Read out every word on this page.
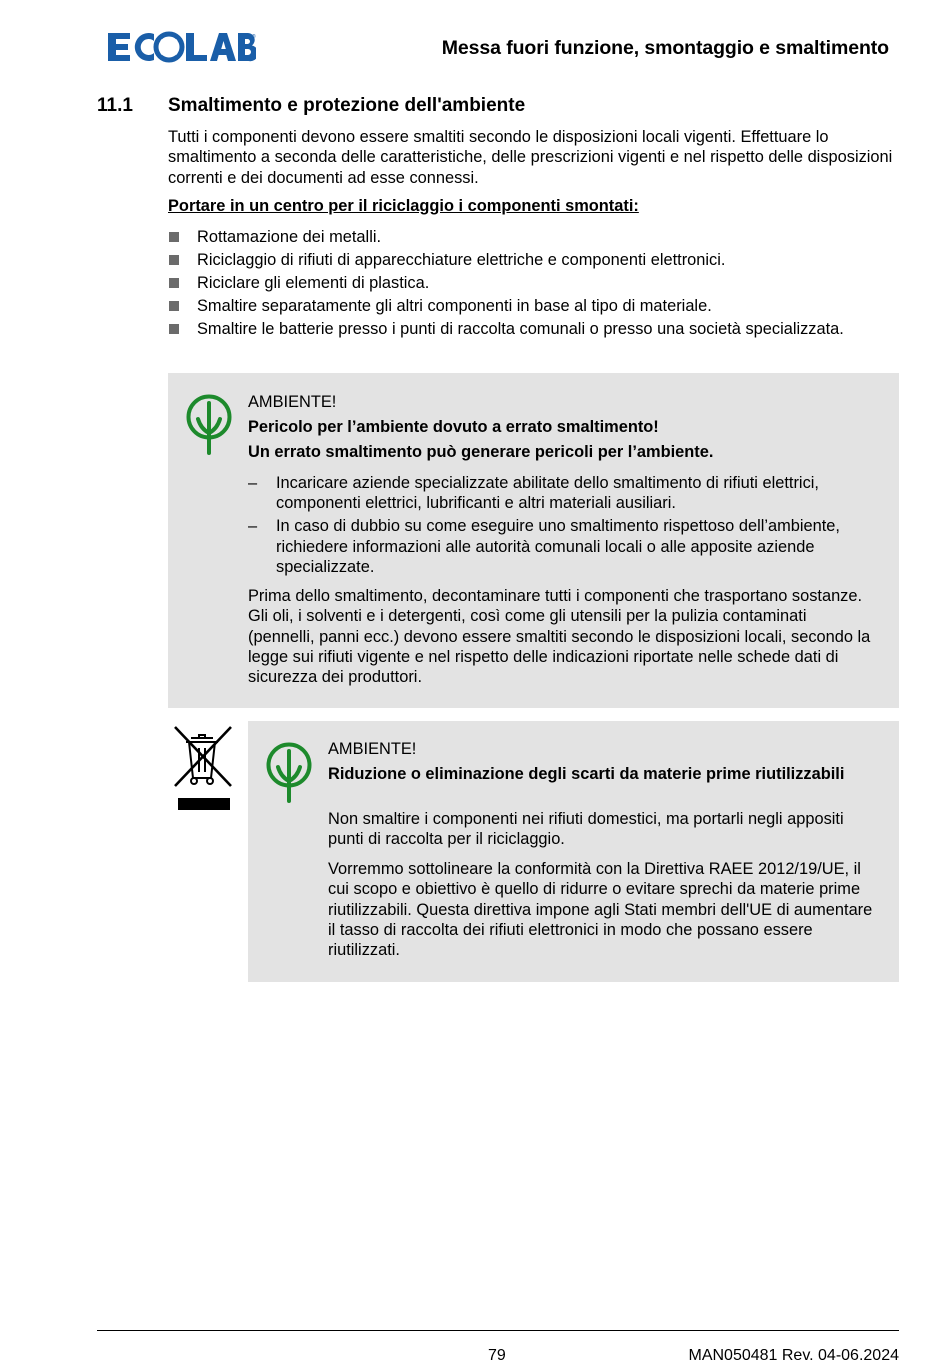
®	Messa fuori funzione, smontaggio e smaltimento
11.1 Smaltimento e protezione dell'ambiente

Tutti i componenti devono essere smaltiti secondo le disposizioni locali vigenti. Effettuare lo smaltimento a seconda delle caratteristiche, delle prescrizioni vigenti e nel rispetto delle disposizioni correnti e dei documenti ad esse connessi.

Portare in un centro per il riciclaggio i componenti smontati:
Rottamazione dei metalli.
Riciclaggio di rifiuti di apparecchiature elettriche e componenti elettronici.
Riciclare gli elementi di plastica.
Smaltire separatamente gli altri componenti in base al tipo di materiale.
Smaltire le batterie presso i punti di raccolta comunali o presso una società specializzata.
AMBIENTE!
Pericolo per l’ambiente dovuto a errato smaltimento!
Un errato smaltimento può generare pericoli per l’ambiente.
– Incaricare aziende specializzate abilitate dello smaltimento di rifiuti elettrici, componenti elettrici, lubrificanti e altri materiali ausiliari.
– In caso di dubbio su come eseguire uno smaltimento rispettoso dell’ambiente, richiedere informazioni alle autorità comunali locali o alle apposite aziende specializzate.
Prima dello smaltimento, decontaminare tutti i componenti che trasportano sostanze. Gli oli, i solventi e i detergenti, così come gli utensili per la pulizia contaminati (pennelli, panni ecc.) devono essere smaltiti secondo le disposizioni locali, secondo la legge sui rifiuti vigente e nel rispetto delle indicazioni riportate nelle schede dati di sicurezza dei produttori.
AMBIENTE!
Riduzione o eliminazione degli scarti da materie prime riutilizzabili
Non smaltire i componenti nei rifiuti domestici, ma portarli negli appositi punti di raccolta per il riciclaggio.
Vorremmo sottolineare la conformità con la Direttiva RAEE 2012/19/UE, il cui scopo e obiettivo è quello di ridurre o evitare sprechi da materie prime riutilizzabili. Questa direttiva impone agli Stati membri dell'UE di aumentare il tasso di raccolta dei rifiuti elettronici in modo che possano essere riutilizzati.
79	MAN050481 Rev. 04-06.2024
